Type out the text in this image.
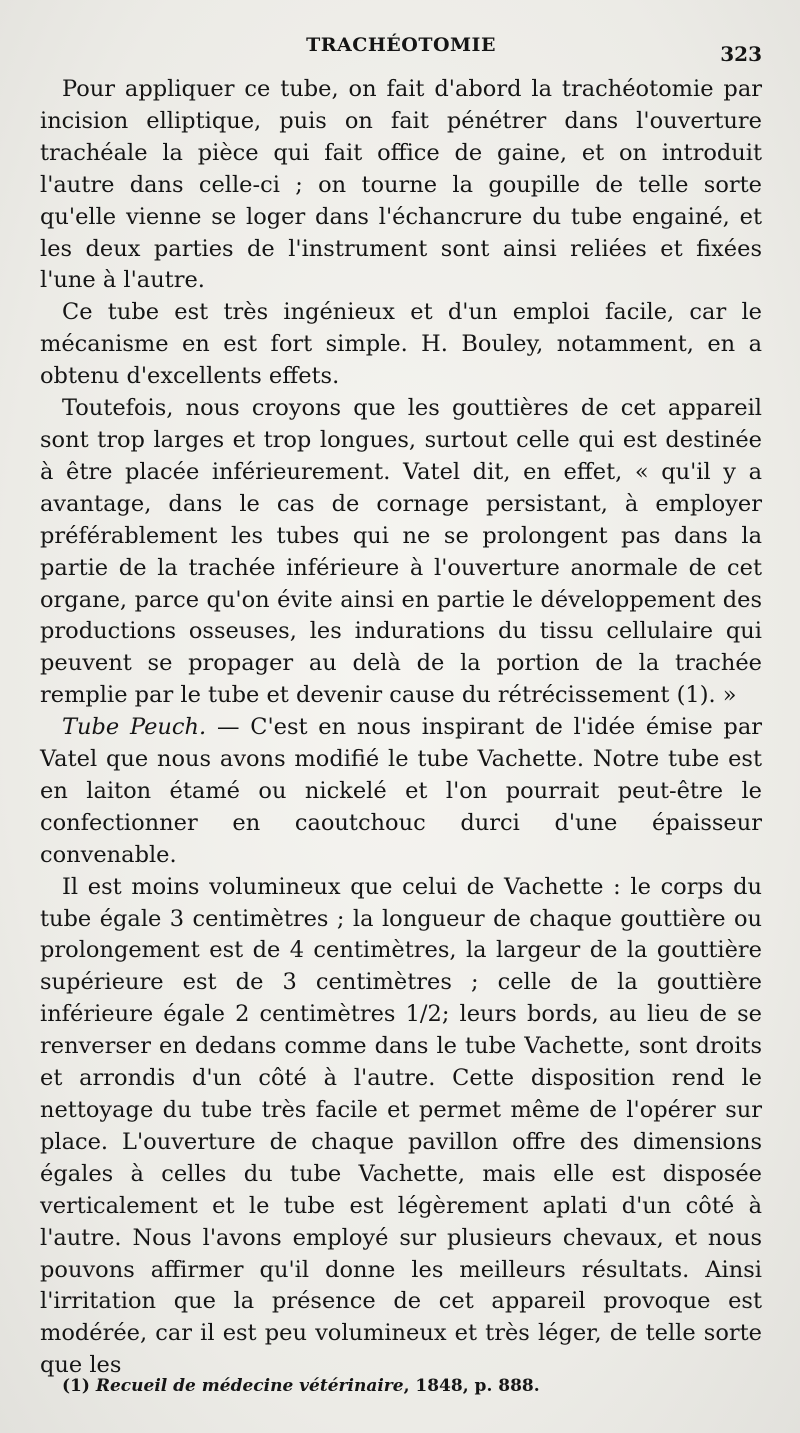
TRACHÉOTOMIE	323

Pour appliquer ce tube, on fait d'abord la trachéotomie par incision elliptique, puis on fait pénétrer dans l'ouverture trachéale la pièce qui fait office de gaine, et on introduit l'autre dans celle-ci ; on tourne la goupille de telle sorte qu'elle vienne se loger dans l'échancrure du tube engainé, et les deux parties de l'instrument sont ainsi reliées et fixées l'une à l'autre.

Ce tube est très ingénieux et d'un emploi facile, car le mécanisme en est fort simple. H. Bouley, notamment, en a obtenu d'excellents effets.

Toutefois, nous croyons que les gouttières de cet appareil sont trop larges et trop longues, surtout celle qui est destinée à être placée inférieurement. Vatel dit, en effet, « qu'il y a avantage, dans le cas de cornage persistant, à employer préférablement les tubes qui ne se prolongent pas dans la partie de la trachée inférieure à l'ouverture anormale de cet organe, parce qu'on évite ainsi en partie le développement des productions osseuses, les indurations du tissu cellulaire qui peuvent se propager au delà de la portion de la trachée remplie par le tube et devenir cause du rétrécissement (1). »

Tube Peuch. — C'est en nous inspirant de l'idée émise par Vatel que nous avons modifié le tube Vachette. Notre tube est en laiton étamé ou nickelé et l'on pourrait peut-être le confectionner en caoutchouc durci d'une épaisseur convenable.

Il est moins volumineux que celui de Vachette : le corps du tube égale 3 centimètres ; la longueur de chaque gouttière ou prolongement est de 4 centimètres, la largeur de la gouttière supérieure est de 3 centimètres ; celle de la gouttière inférieure égale 2 centimètres 1/2; leurs bords, au lieu de se renverser en dedans comme dans le tube Vachette, sont droits et arrondis d'un côté à l'autre. Cette disposition rend le nettoyage du tube très facile et permet même de l'opérer sur place. L'ouverture de chaque pavillon offre des dimensions égales à celles du tube Vachette, mais elle est disposée verticalement et le tube est légèrement aplati d'un côté à l'autre. Nous l'avons employé sur plusieurs chevaux, et nous pouvons affirmer qu'il donne les meilleurs résultats. Ainsi l'irritation que la présence de cet appareil provoque est modérée, car il est peu volumineux et très léger, de telle sorte que les

(1) Recueil de médecine vétérinaire, 1848, p. 888.
